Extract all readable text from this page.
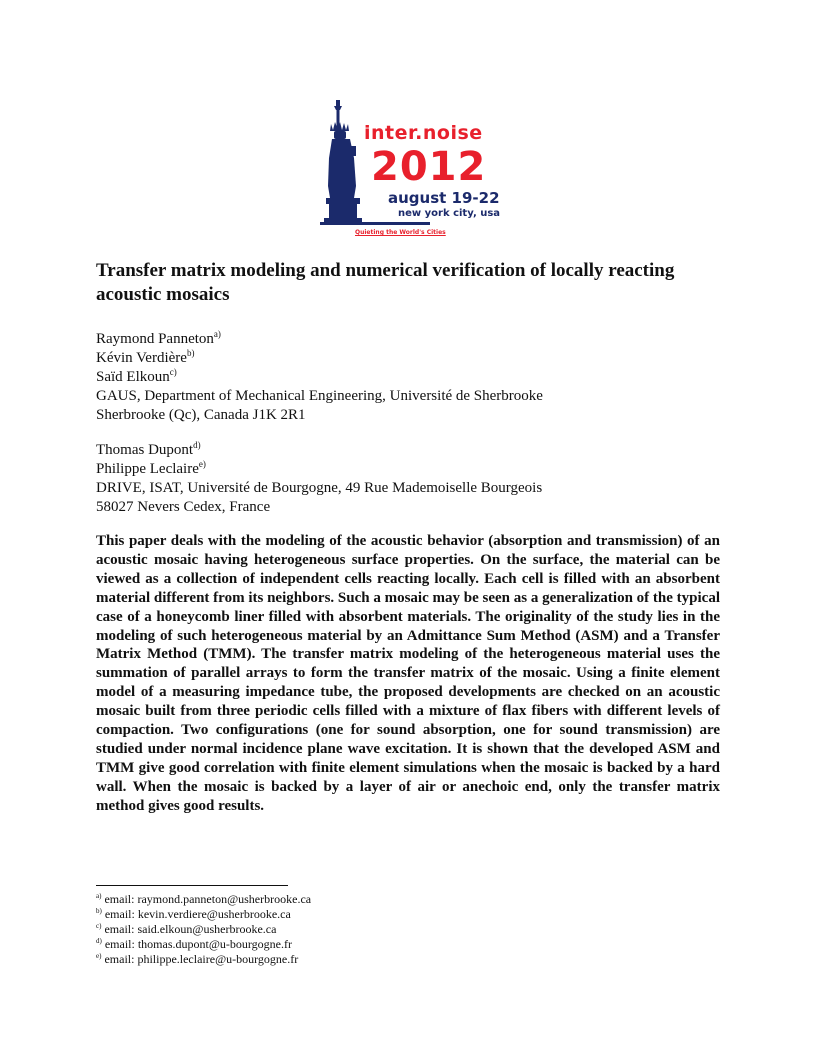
inter.noise
2012
august 19-22
new york city, usa
Quieting the World's Cities
Transfer matrix modeling and numerical verification of locally reacting acoustic mosaics
Raymond Panneton$^{a)}$
Kévin Verdière$^{b)}$
Saïd Elkoun$^{c)}$
GAUS, Department of Mechanical Engineering, Université de Sherbrooke
Sherbrooke (Qc), Canada J1K 2R1
Thomas Dupont$^{d)}$
Philippe Leclaire$^{e)}$
DRIVE, ISAT, Université de Bourgogne, 49 Rue Mademoiselle Bourgeois
58027 Nevers Cedex, France

This paper deals with the modeling of the acoustic behavior (absorption and transmission) of an acoustic mosaic having heterogeneous surface properties. On the surface, the material can be viewed as a collection of independent cells reacting locally. Each cell is filled with an absorbent material different from its neighbors. Such a mosaic may be seen as a generalization of the typical case of a honeycomb liner filled with absorbent materials. The originality of the study lies in the modeling of such heterogeneous material by an Admittance Sum Method (ASM) and a Transfer Matrix Method (TMM). The transfer matrix modeling of the heterogeneous material uses the summation of parallel arrays to form the transfer matrix of the mosaic. Using a finite element model of a measuring impedance tube, the proposed developments are checked on an acoustic mosaic built from three periodic cells filled with a mixture of flax fibers with different levels of compaction. Two configurations (one for sound absorption, one for sound transmission) are studied under normal incidence plane wave excitation. It is shown that the developed ASM and TMM give good correlation with finite element simulations when the mosaic is backed by a hard wall. When the mosaic is backed by a layer of air or anechoic end, only the transfer matrix method gives good results.

$^{a)}$ email: raymond.panneton@usherbrooke.ca
$^{b)}$ email: kevin.verdiere@usherbrooke.ca
$^{c)}$ email: said.elkoun@usherbrooke.ca
$^{d)}$ email: thomas.dupont@u-bourgogne.fr
$^{e)}$ email: philippe.leclaire@u-bourgogne.fr
